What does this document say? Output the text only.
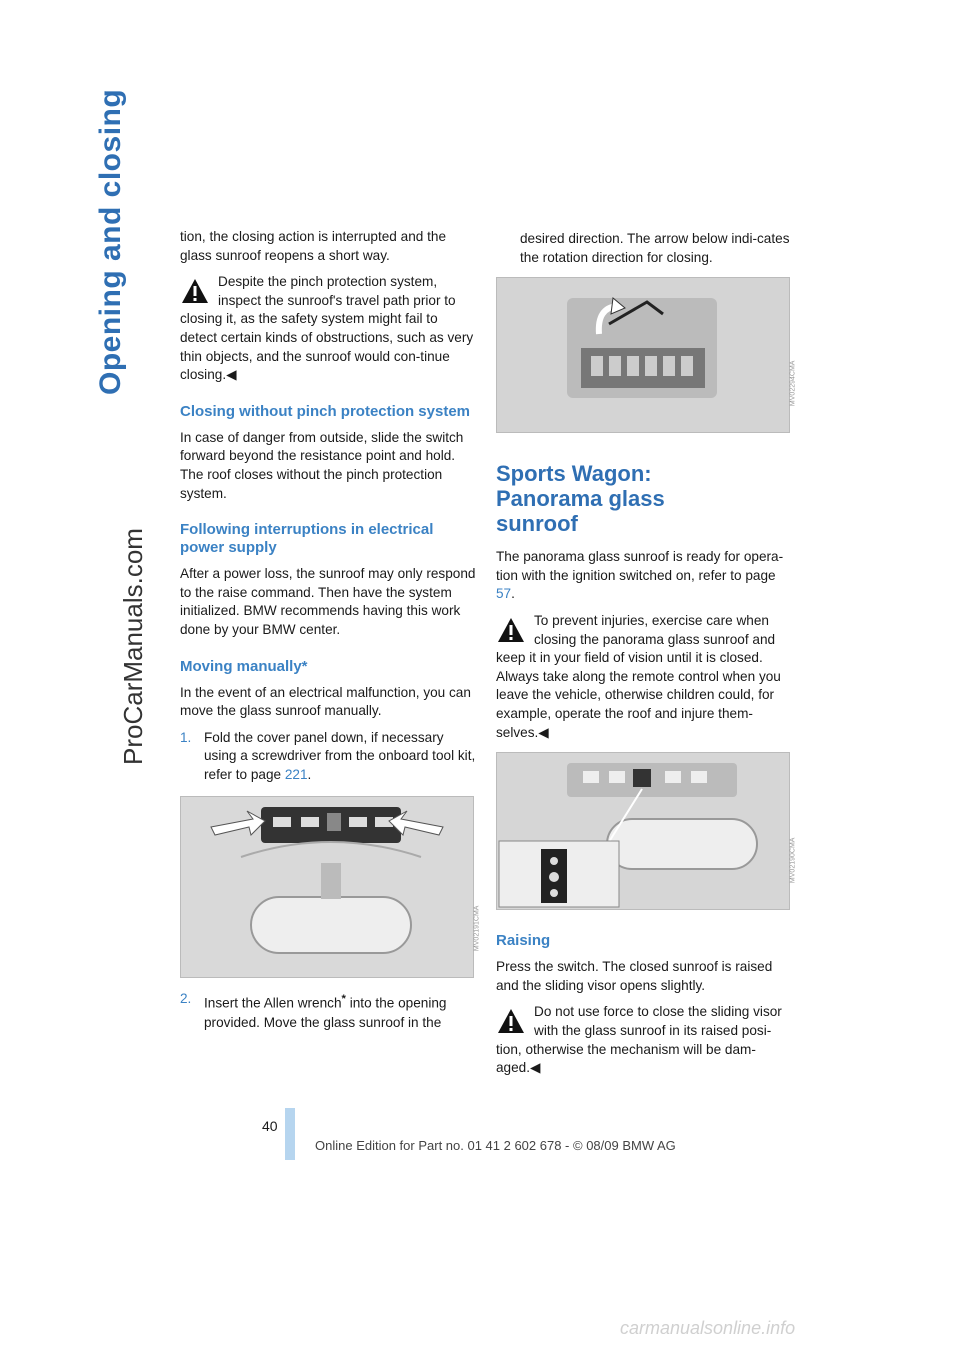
Opening and closing
ProCarManuals.com

tion, the closing action is interrupted and the glass sunroof reopens a short way.

Despite the pinch protection system, inspect the sunroof's travel path prior to closing it, as the safety system might fail to detect certain kinds of obstructions, such as very thin objects, and the sunroof would con-tinue closing.◀
Closing without pinch protection system

In case of danger from outside, slide the switch forward beyond the resistance point and hold. The roof closes without the pinch protection system.

Following interruptions in electrical power supply

After a power loss, the sunroof may only respond to the raise command. Then have the system initialized. BMW recommends having this work done by your BMW center.

Moving manually*

In the event of an electrical malfunction, you can move the glass sunroof manually.

1. Fold the cover panel down, if necessary using a screwdriver from the onboard tool kit, refer to page 221.
MV02191CMA
2. Insert the Allen wrench* into the opening provided. Move the glass sunroof in the

desired direction. The arrow below indi-cates the rotation direction for closing.

MV02294CMA
Sports Wagon: Panorama glass sunroof

The panorama glass sunroof is ready for opera-tion with the ignition switched on, refer to page 57.

To prevent injuries, exercise care when closing the panorama glass sunroof and keep it in your field of vision until it is closed. Always take along the remote control when you leave the vehicle, otherwise children could, for example, operate the roof and injure them-selves.◀
MV02190CMA
Raising

Press the switch. The closed sunroof is raised and the sliding visor opens slightly.

Do not use force to close the sliding visor with the glass sunroof in its raised posi- tion, otherwise the mechanism will be dam-aged.◀
40
Online Edition for Part no. 01 41 2 602 678 - © 08/09 BMW AG
carmanualsonline.info
